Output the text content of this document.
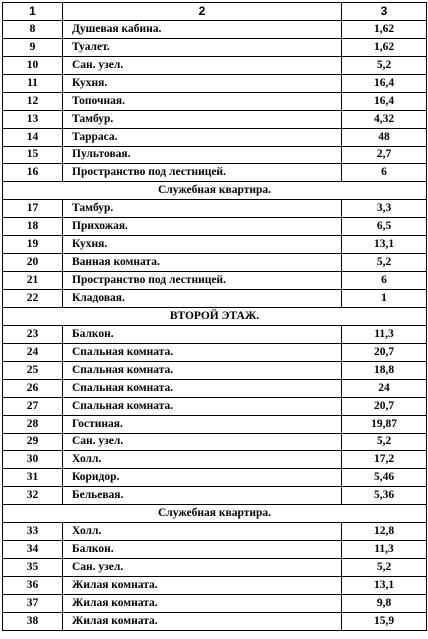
1	2	3
8	Душевая кабина.	1,62
9	Туалет.	1,62
10	Сан. узел.	5,2
11	Кухня.	16,4
12	Топочная.	16,4
13	Тамбур.	4,32
14	Тарраса.	48
15	Пультовая.	2,7
16	Пространство под лестницей.	6
Служебная квартира.		
17	Тамбур.	3,3
18	Прихожая.	6,5
19	Кухня.	13,1
20	Ванная комната.	5,2
21	Пространство под лестницей.	6
22	Кладовая.	1
ВТОРОЙ ЭТАЖ.		
23	Балкон.	11,3
24	Спальная комната.	20,7
25	Спальная комната.	18,8
26	Спальная комната.	24
27	Спальная комната.	20,7
28	Гостиная.	19,87
29	Сан. узел.	5,2
30	Холл.	17,2
31	Коридор.	5,46
32	Бельевая.	5,36
Служебная квартира.		
33	Холл.	12,8
34	Балкон.	11,3
35	Сан. узел.	5,2
36	Жилая комната.	13,1
37	Жилая комната.	9,8
38	Жилая комната.	15,9
